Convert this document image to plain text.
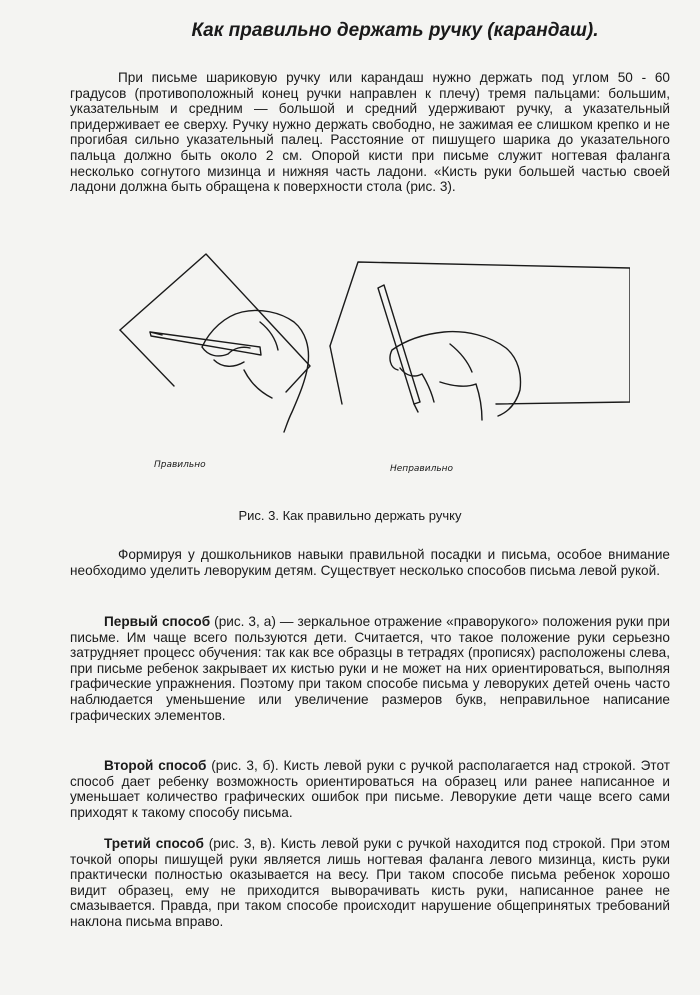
Как правильно держать ручку (карандаш).

При письме шариковую ручку или карандаш нужно держать под углом 50 - 60 градусов (противоположный конец ручки направлен к плечу) тремя пальцами: большим, указательным и средним — большой и средний удерживают ручку, а указательный придерживает ее сверху. Ручку нужно держать свободно, не зажимая ее слишком крепко и не прогибая сильно указательный палец. Расстояние от пишущего шарика до указательного пальца должно быть около 2 см. Опорой кисти при письме служит ногтевая фаланга несколько согнутого мизинца и нижняя часть ладони. «Кисть руки большей частью своей ладони должна быть обращена к поверхности стола (рис. 3).

Правильно	Неправильно
Рис. 3. Как правильно держать ручку

Формируя у дошкольников навыки правильной посадки и письма, особое внимание необходимо уделить леворуким детям. Существует несколько способов письма левой рукой.

Первый способ (рис. 3, а) — зеркальное отражение «праворукого» положения руки при письме. Им чаще всего пользуются дети. Считается, что такое положение руки серьезно затрудняет процесс обучения: так как все образцы в тетрадях (прописях) расположены слева, при письме ребенок закрывает их кистью руки и не может на них ориентироваться, выполняя графические упражнения. Поэтому при таком способе письма у леворуких детей очень часто наблюдается уменьшение или увеличение размеров букв, неправильное написание графических элементов.

Второй способ (рис. 3, б). Кисть левой руки с ручкой располагается над строкой. Этот способ дает ребенку возможность ориентироваться на образец или ранее написанное и уменьшает количество графических ошибок при письме. Леворукие дети чаще всего сами приходят к такому способу письма.

Третий способ (рис. 3, в). Кисть левой руки с ручкой находится под строкой. При этом точкой опоры пишущей руки является лишь ногтевая фаланга левого мизинца, кисть руки практически полностью оказывается на весу. При таком способе письма ребенок хорошо видит образец, ему не приходится выворачивать кисть руки, написанное ранее не смазывается. Правда, при таком способе происходит нарушение общепринятых требований наклона письма вправо.
